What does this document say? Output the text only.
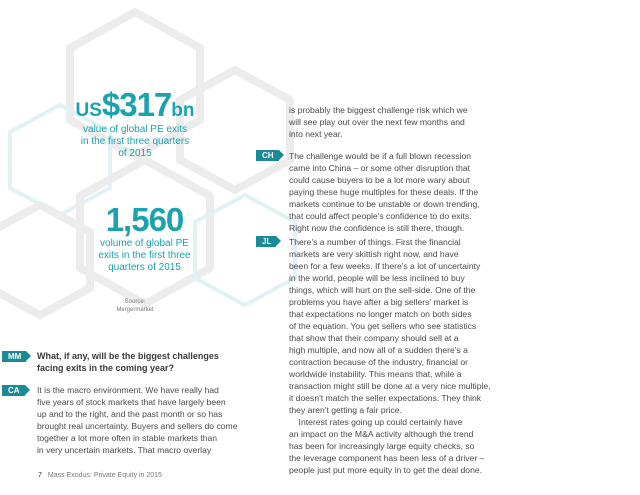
US$317bn
value of global PE exits
in the first three quarters
of 2015
1,560
volume of global PE
exits in the first three
quarters of 2015
Source:
Mergermarket
MM	What, if any, will be the biggest challenges

facing exits in the coming year?

CA	It is the macro environment. We have really had

five years of stock markets that have largely been

up and to the right, and the past month or so has

brought real uncertainty. Buyers and sellers do come

together a lot more often in stable markets than

in very uncertain markets. That macro overlay

is probably the biggest challenge risk which we

will see play out over the next few months and

into next year.

CH	The challenge would be if a full blown recession

came into China – or some other disruption that

could cause buyers to be a lot more wary about

paying these huge multiples for these deals. If the

markets continue to be unstable or down trending,

that could affect people's confidence to do exits.

Right now the confidence is still there, though.

JL	There's a number of things. First the financial

markets are very skittish right now, and have

been for a few weeks. If there's a lot of uncertainty

in the world, people will be less inclined to buy

things, which will hurt on the sell-side. One of the

problems you have after a big sellers' market is

that expectations no longer match on both sides

of the equation. You get sellers who see statistics

that show that their company should sell at a

high multiple, and now all of a sudden there's a

contraction because of the industry, financial or

worldwide instability. This means that, while a

transaction might still be done at a very nice multiple,

it doesn't match the seller expectations. They think

they aren't getting a fair price.

Interest rates going up could certainly have

an impact on the M&A activity although the trend

has been for increasingly large equity checks, so

the leverage component has been less of a driver –

people just put more equity in to get the deal done.

7 Mass Exodus: Private Equity in 2015
